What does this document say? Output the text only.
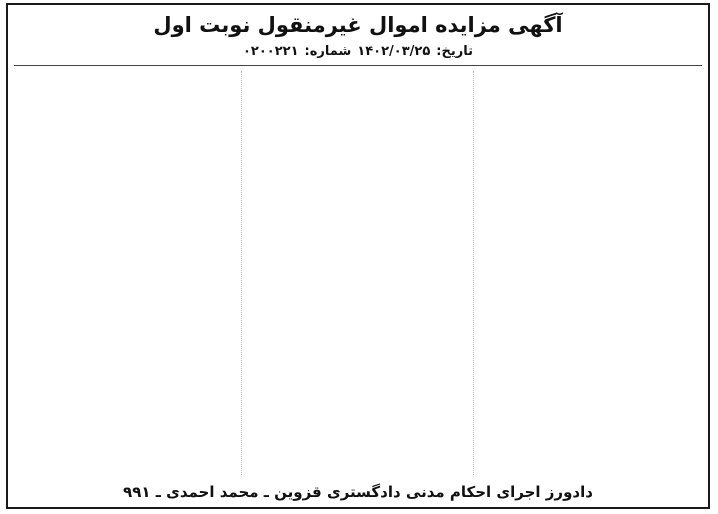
آگهی مزایده اموال غیرمنقول نوبت اول
تاریخ:۱۴۰۲/۰۳/۲۵شماره:۰۲۰۰۲۲۱
دادورز اجرای احکام مدنی دادگستری قزوین ـ محمد احمدی ـ ۹۹۱
